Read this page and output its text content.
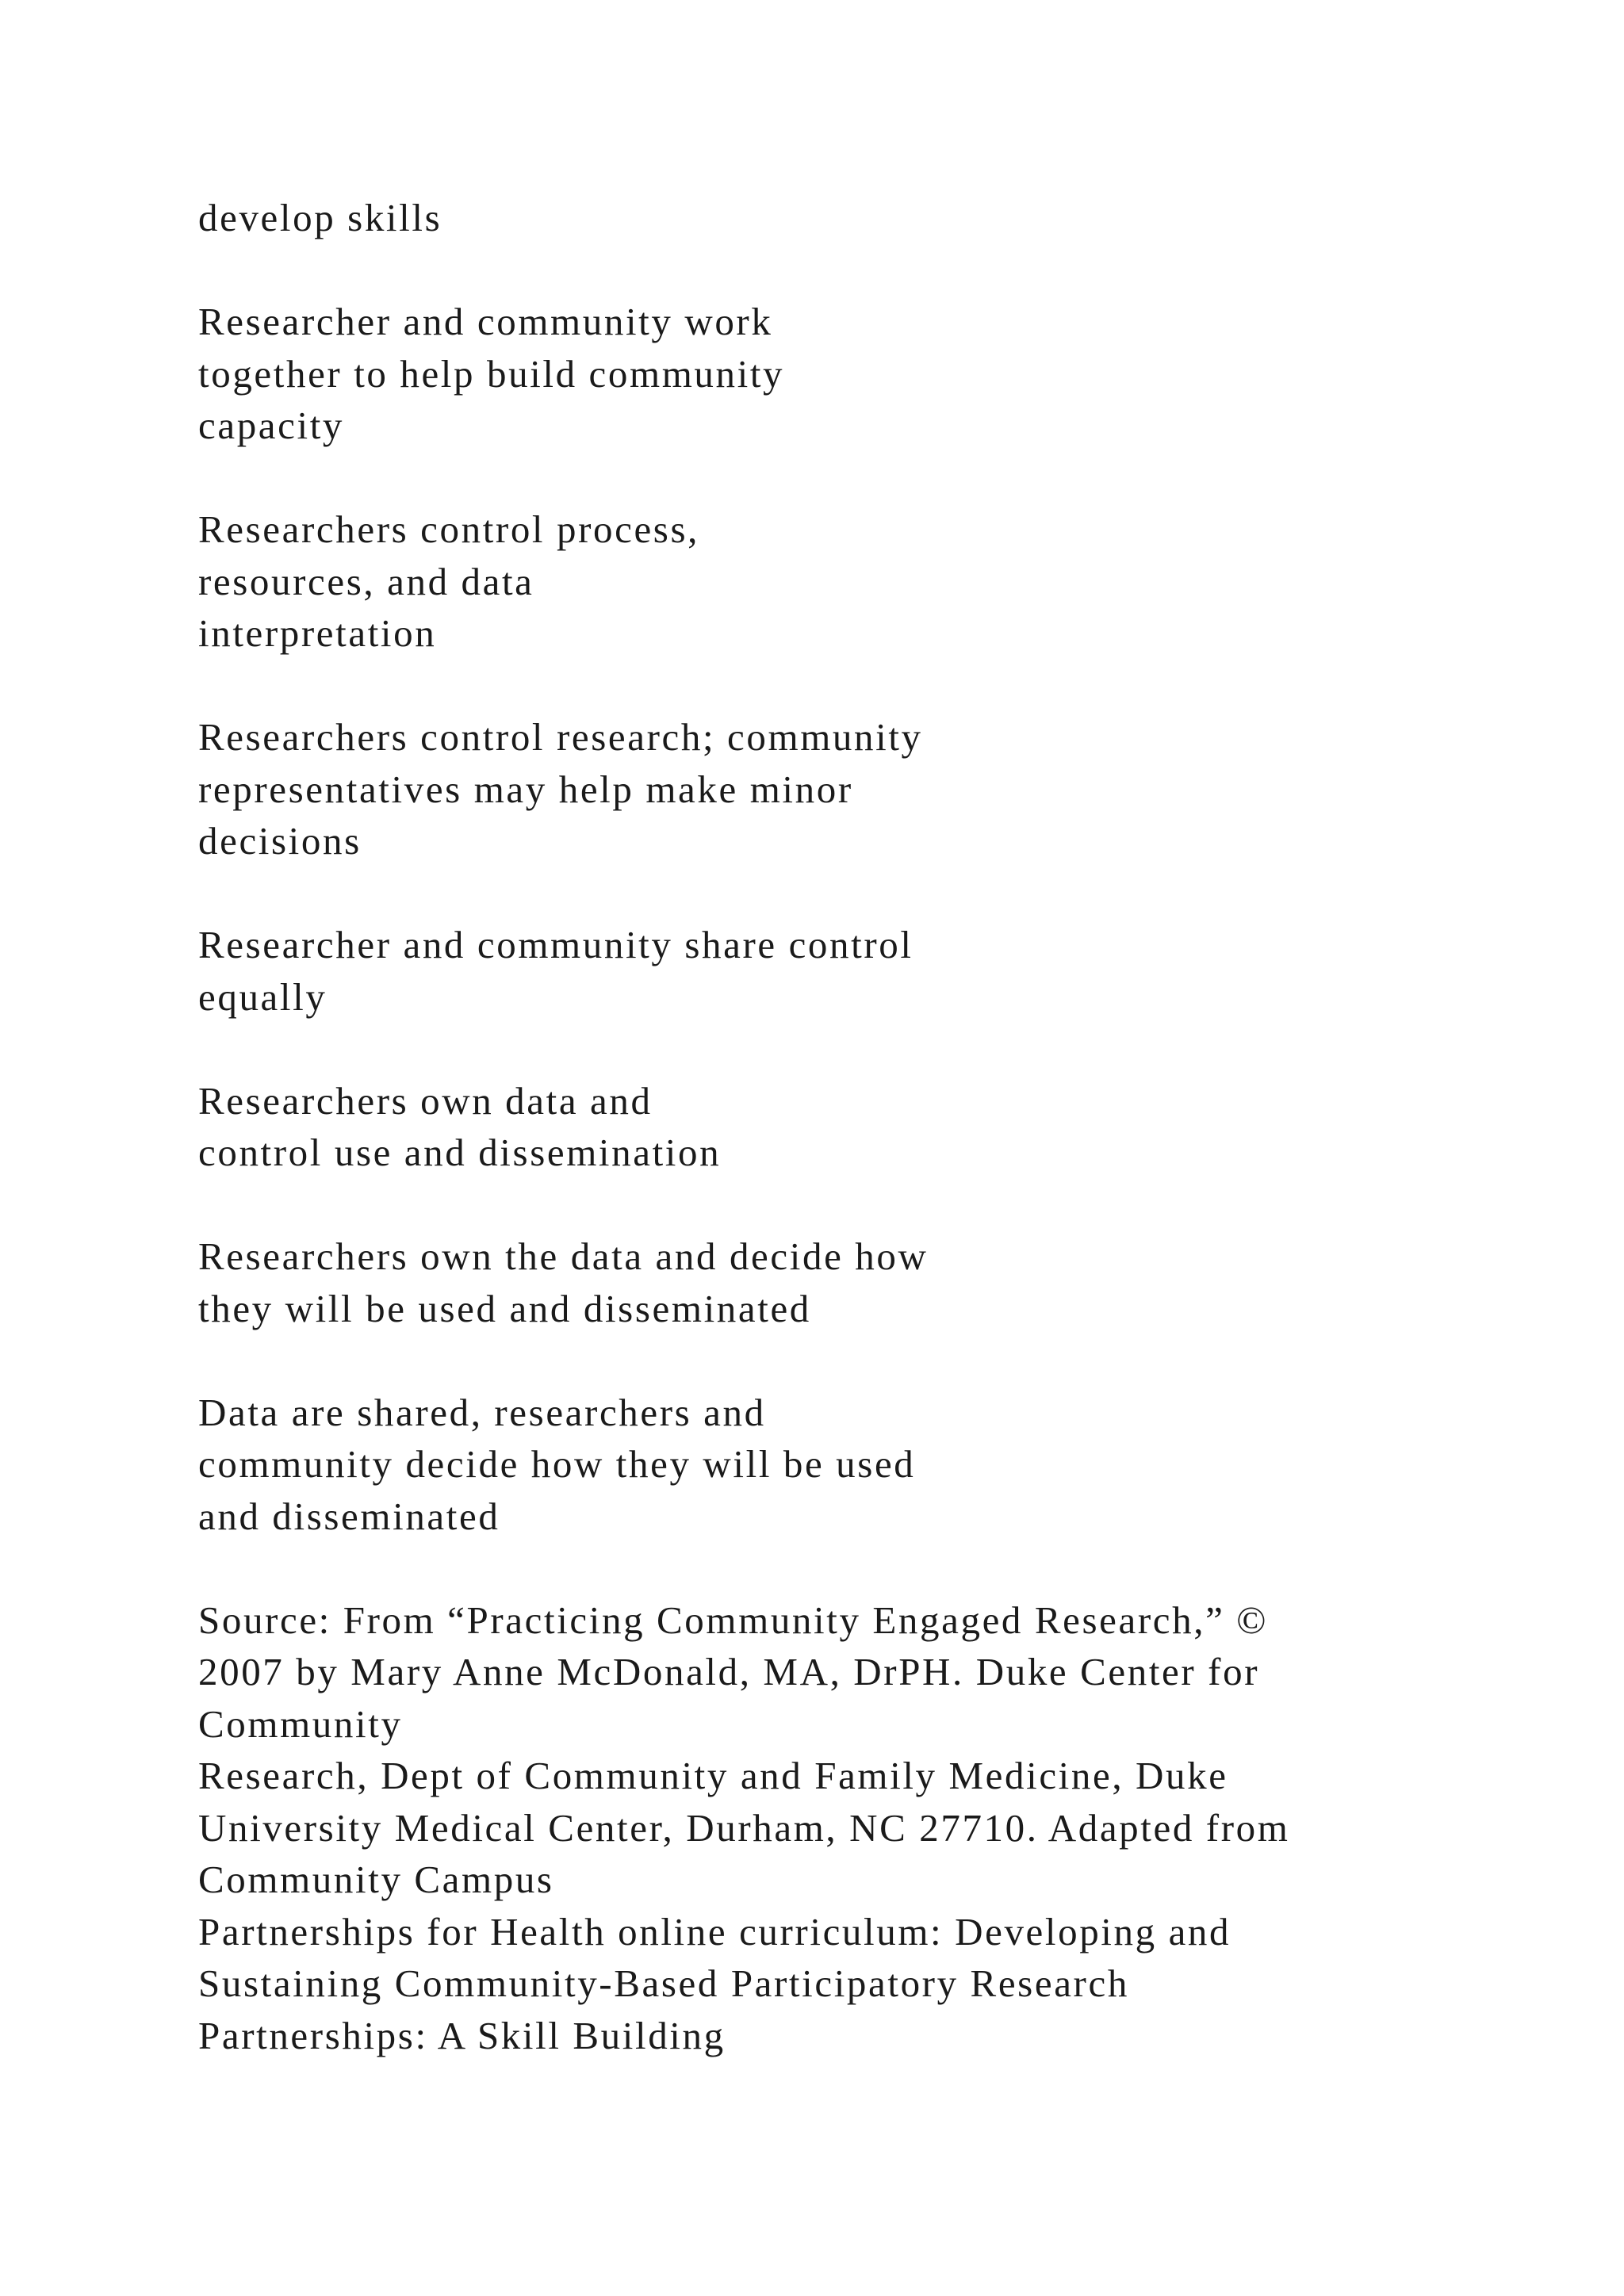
develop skills

Researcher and community work
together to help build community
capacity

Researchers control process,
resources, and data
interpretation

Researchers control research; community
representatives may help make minor
decisions

Researcher and community share control
equally

Researchers own data and
control use and dissemination

Researchers own the data and decide how
they will be used and disseminated

Data are shared, researchers and
community decide how they will be used
and disseminated

Source: From “Practicing Community Engaged Research,” ©
2007 by Mary Anne McDonald, MA, DrPH. Duke Center for
Community
Research, Dept of Community and Family Medicine, Duke
University Medical Center, Durham, NC 27710. Adapted from
Community Campus
Partnerships for Health online curriculum: Developing and
Sustaining Community-Based Participatory Research
Partnerships: A Skill Building
